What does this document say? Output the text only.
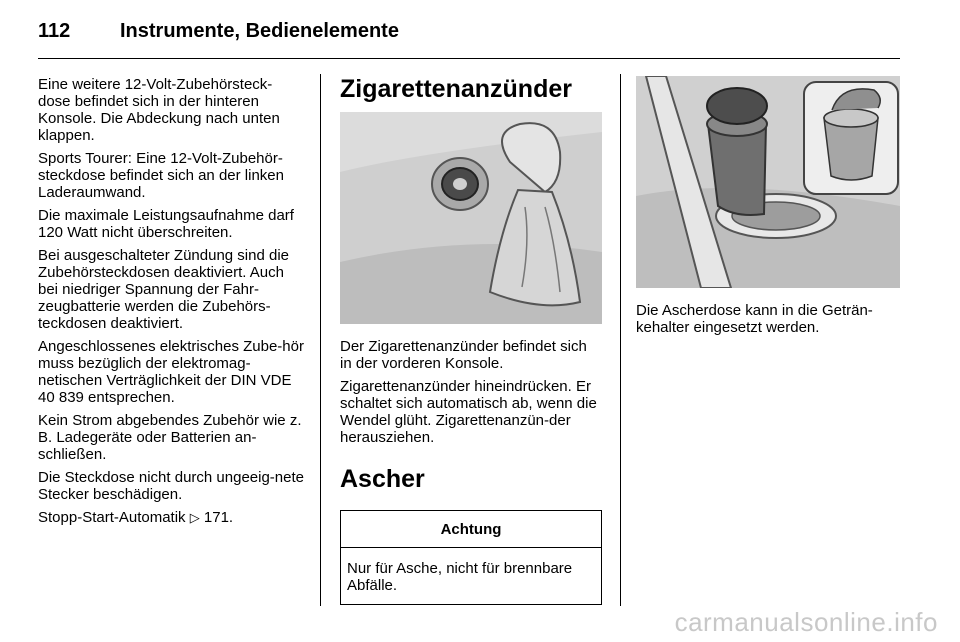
112 Instrumente, Bedienelemente

Eine weitere 12-Volt-Zubehörsteck-dose befindet sich in der hinteren Konsole. Die Abdeckung nach unten klappen.

Sports Tourer: Eine 12-Volt-Zubehör-steckdose befindet sich an der linken Laderaumwand.

Die maximale Leistungsaufnahme darf 120 Watt nicht überschreiten.

Bei ausgeschalteter Zündung sind die Zubehörsteckdosen deaktiviert. Auch bei niedriger Spannung der Fahr-zeugbatterie werden die Zubehörs-teckdosen deaktiviert.

Angeschlossenes elektrisches Zube-hör muss bezüglich der elektromag-netischen Verträglichkeit der DIN VDE 40 839 entsprechen.

Kein Strom abgebendes Zubehör wie z. B. Ladegeräte oder Batterien an-schließen.

Die Steckdose nicht durch ungeeig-nete Stecker beschädigen.

Stopp-Start-Automatik ▷ 171.

Zigarettenanzünder

Der Zigarettenanzünder befindet sich in der vorderen Konsole.

Zigarettenanzünder hineindrücken. Er schaltet sich automatisch ab, wenn die Wendel glüht. Zigarettenanzün-der herausziehen.

Ascher
Achtung
Nur für Asche, nicht für brennbare Abfälle.

Die Ascherdose kann in die Geträn-kehalter eingesetzt werden.

carmanualsonline.info
